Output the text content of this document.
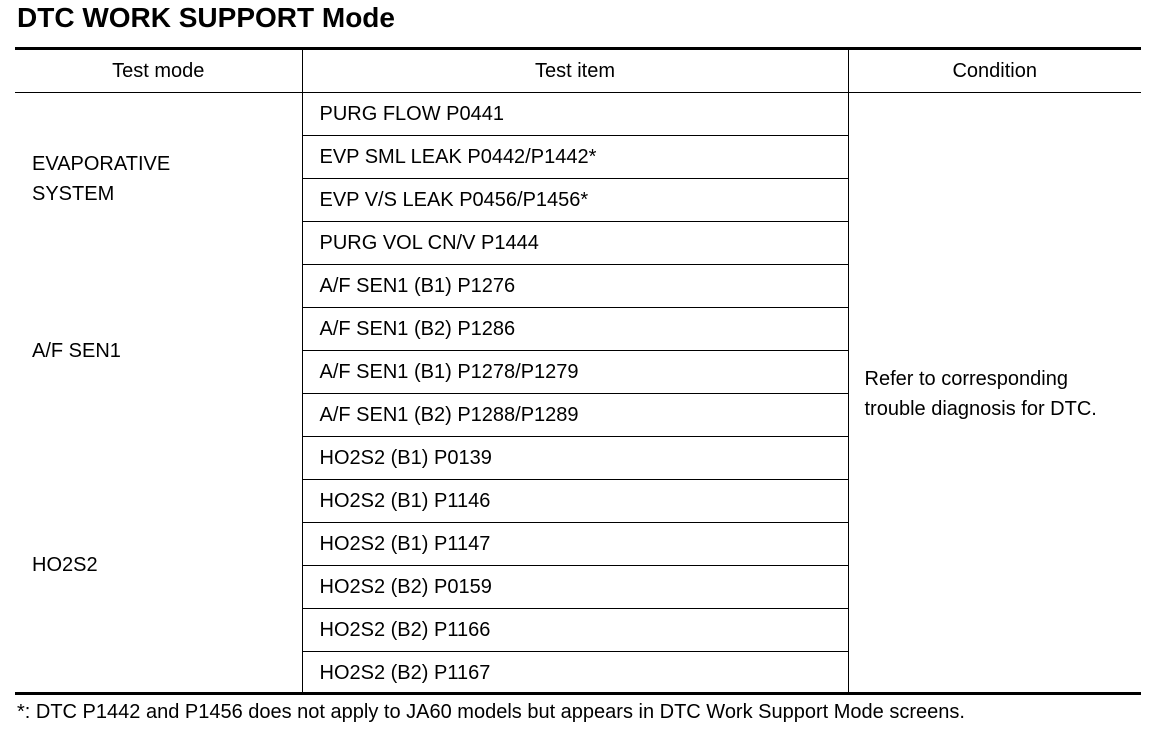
DTC WORK SUPPORT Mode
Test mode	Test item	Condition
EVAPORATIVE
SYSTEM	PURG FLOW P0441	Refer to corresponding trouble diagnosis for DTC.
	EVP SML LEAK P0442/P1442*	
	EVP V/S LEAK P0456/P1456*	
	PURG VOL CN/V P1444	
A/F SEN1	A/F SEN1 (B1) P1276	
	A/F SEN1 (B2) P1286	
	A/F SEN1 (B1) P1278/P1279	
	A/F SEN1 (B2) P1288/P1289	
HO2S2	HO2S2 (B1) P0139	
	HO2S2 (B1) P1146	
	HO2S2 (B1) P1147	
	HO2S2 (B2) P0159	
	HO2S2 (B2) P1166	
	HO2S2 (B2) P1167	

*: DTC P1442 and P1456 does not apply to JA60 models but appears in DTC Work Support Mode screens.
